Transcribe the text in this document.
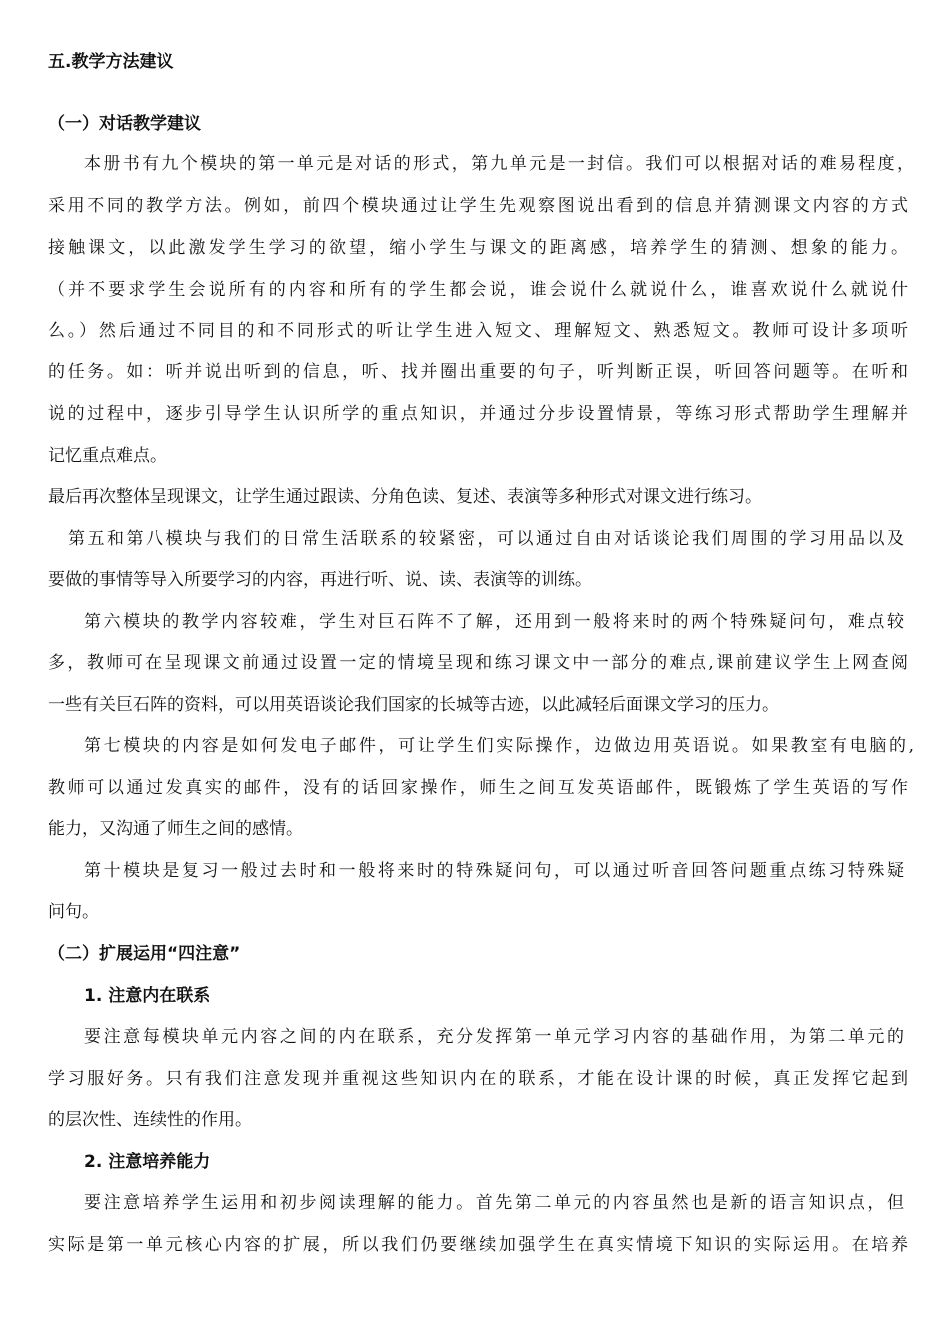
五.教学方法建议
（一）对话教学建议
本册书有九个模块的第一单元是对话的形式，第九单元是一封信。我们可以根据对话的难易程度，
采用不同的教学方法。例如，前四个模块通过让学生先观察图说出看到的信息并猜测课文内容的方式
接触课文，以此激发学生学习的欲望，缩小学生与课文的距离感，培养学生的猜测、想象的能力。
（并不要求学生会说所有的内容和所有的学生都会说，谁会说什么就说什么，谁喜欢说什么就说什
么。）然后通过不同目的和不同形式的听让学生进入短文、理解短文、熟悉短文。教师可设计多项听
的任务。如：听并说出听到的信息，听、找并圈出重要的句子，听判断正误，听回答问题等。在听和
说的过程中，逐步引导学生认识所学的重点知识，并通过分步设置情景，等练习形式帮助学生理解并
记忆重点难点。
最后再次整体呈现课文，让学生通过跟读、分角色读、复述、表演等多种形式对课文进行练习。
第五和第八模块与我们的日常生活联系的较紧密，可以通过自由对话谈论我们周围的学习用品以及
要做的事情等导入所要学习的内容，再进行听、说、读、表演等的训练。
第六模块的教学内容较难，学生对巨石阵不了解，还用到一般将来时的两个特殊疑问句，难点较
多，教师可在呈现课文前通过设置一定的情境呈现和练习课文中一部分的难点,课前建议学生上网查阅
一些有关巨石阵的资料，可以用英语谈论我们国家的长城等古迹，以此减轻后面课文学习的压力。
第七模块的内容是如何发电子邮件，可让学生们实际操作，边做边用英语说。如果教室有电脑的,
教师可以通过发真实的邮件，没有的话回家操作，师生之间互发英语邮件，既锻炼了学生英语的写作
能力，又沟通了师生之间的感情。
第十模块是复习一般过去时和一般将来时的特殊疑问句，可以通过听音回答问题重点练习特殊疑
问句。
（二）扩展运用“四注意”
1. 注意内在联系
要注意每模块单元内容之间的内在联系，充分发挥第一单元学习内容的基础作用，为第二单元的
学习服好务。只有我们注意发现并重视这些知识内在的联系，才能在设计课的时候，真正发挥它起到
的层次性、连续性的作用。
2. 注意培养能力
要注意培养学生运用和初步阅读理解的能力。首先第二单元的内容虽然也是新的语言知识点，但
实际是第一单元核心内容的扩展，所以我们仍要继续加强学生在真实情境下知识的实际运用。在培养
